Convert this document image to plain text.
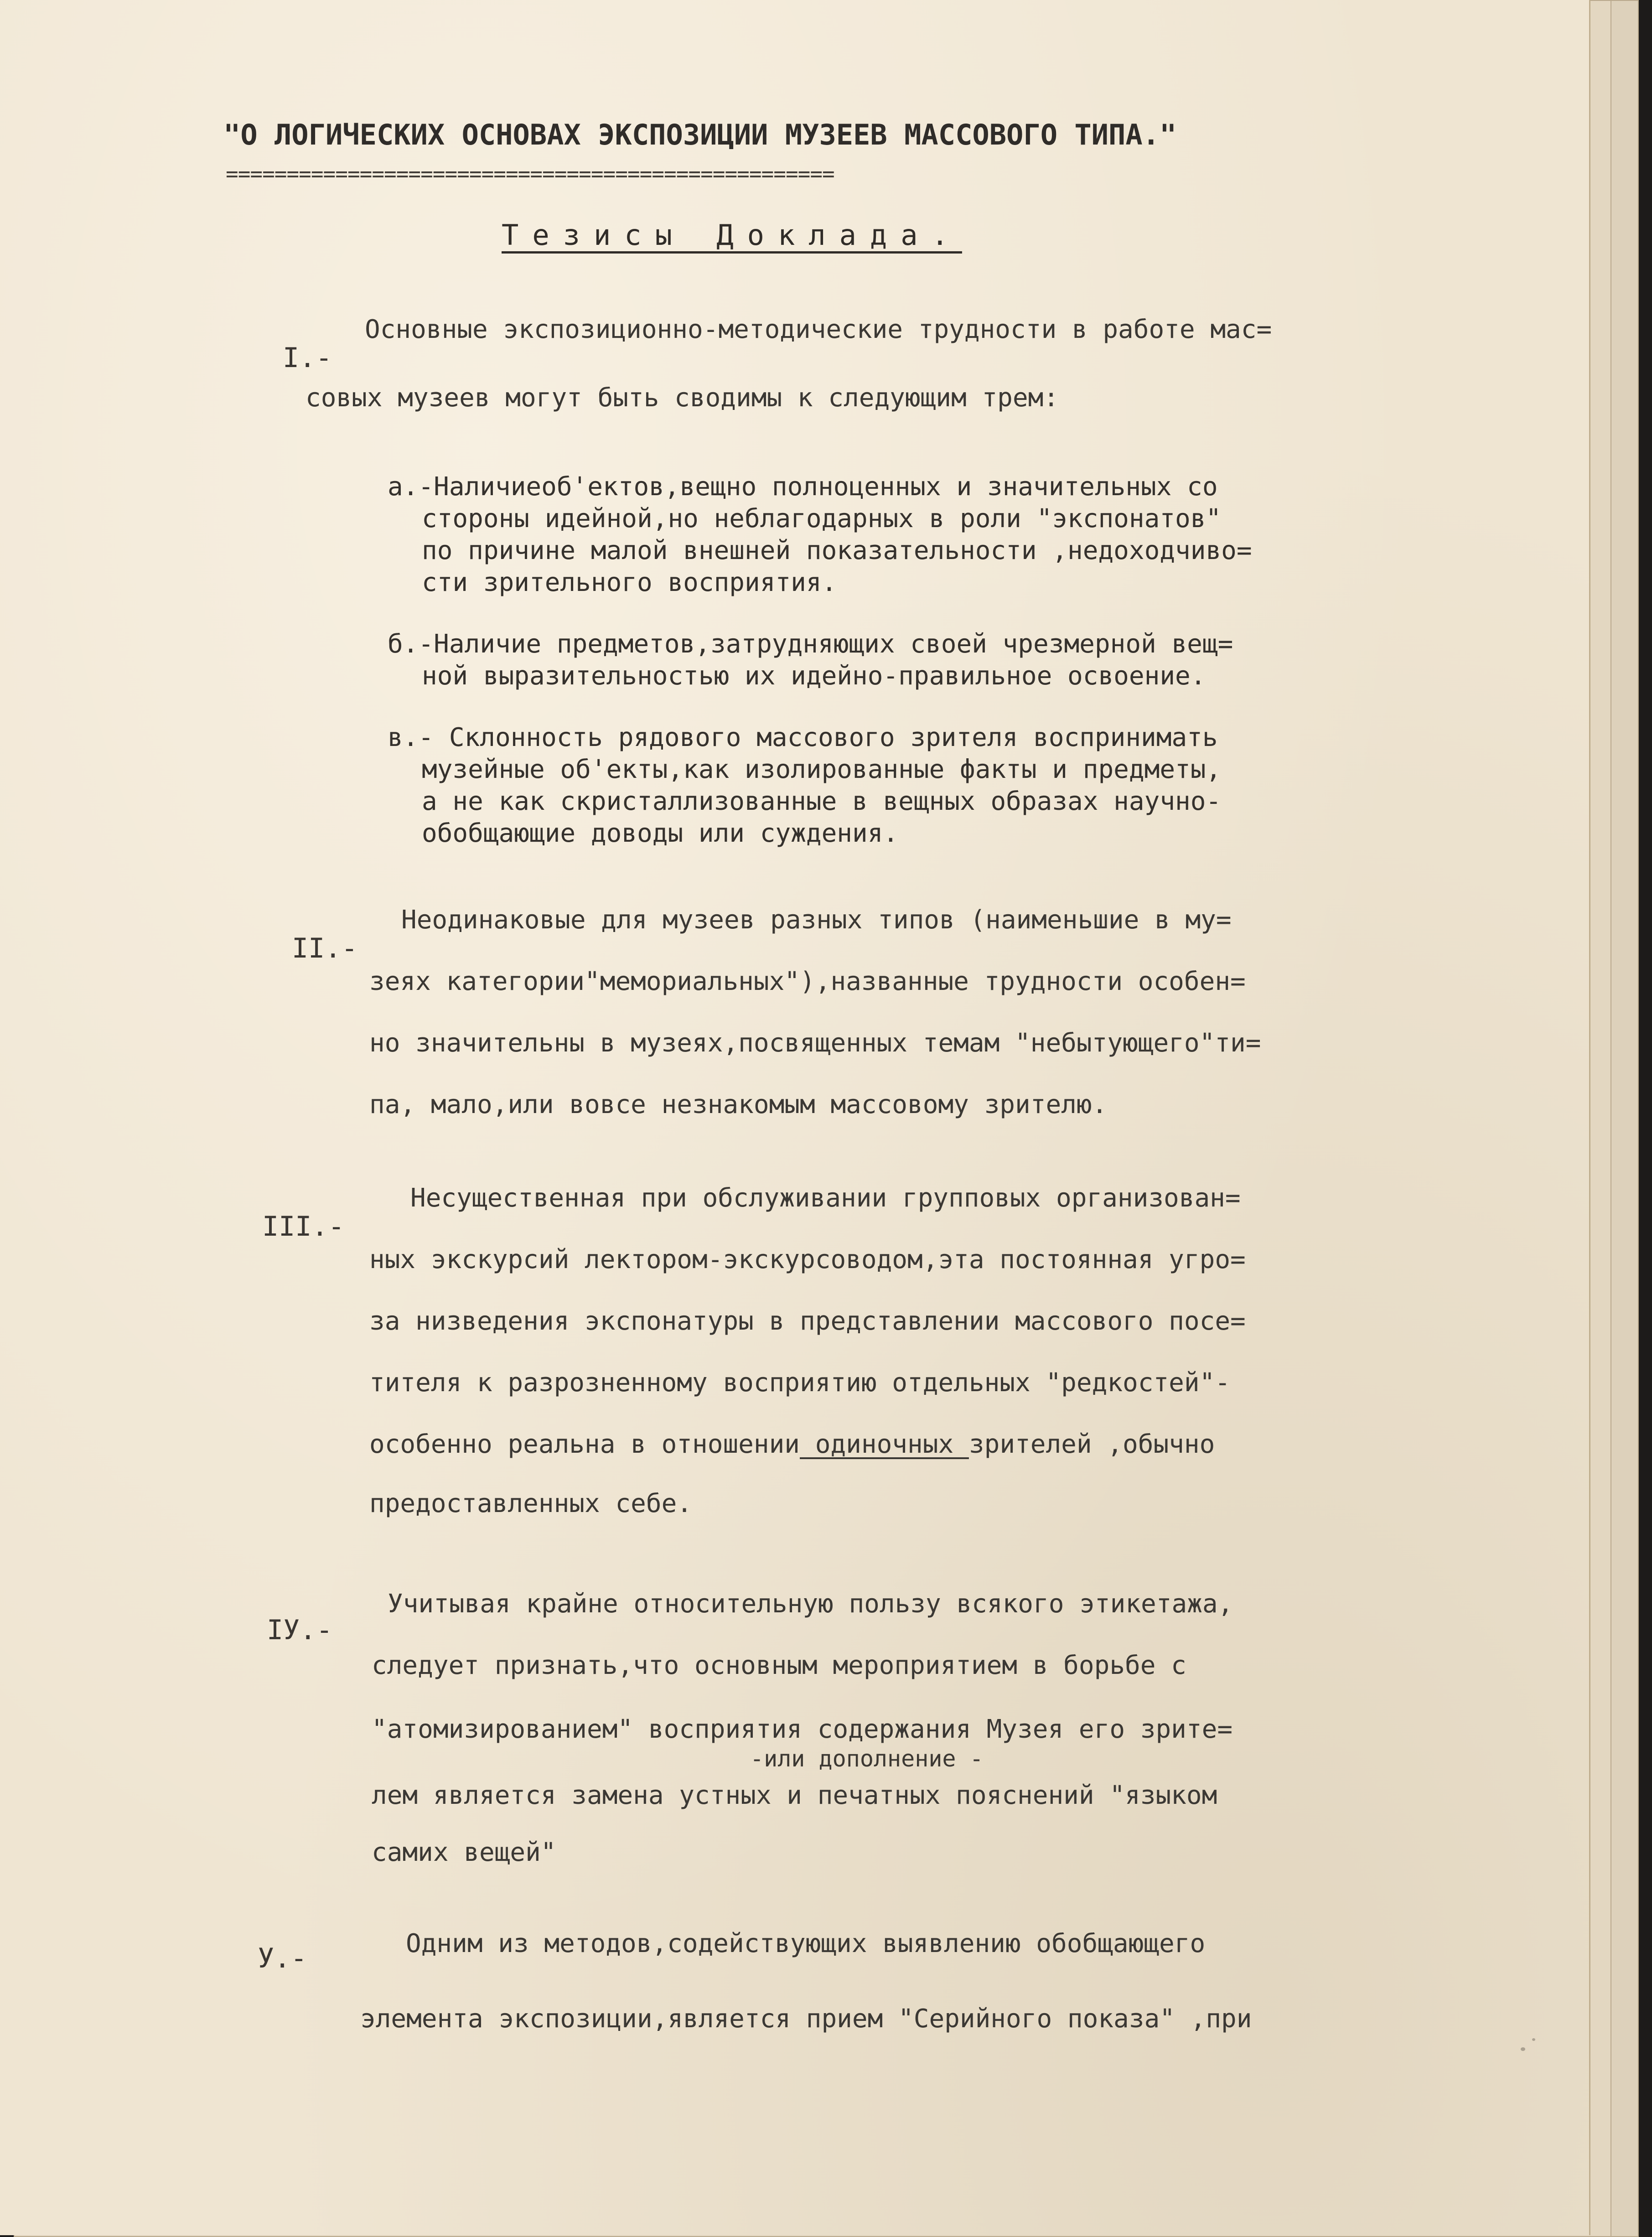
"О ЛОГИЧЕСКИХ ОСНОВАХ ЭКСПОЗИЦИИ МУЗЕЕВ МАССОВОГО ТИПА."

==================================================

Тезисы Доклада.

I.-

Основные экспозиционно-методические трудности в работе мас=

совых музеев могут быть сводимы к следующим трем:

а.-Наличиеоб'ектов,вещно полноценных и значительных со

стороны идейной,но неблагодарных в роли "экспонатов"

по причине малой внешней показательности ,недоходчиво=

сти зрительного восприятия.

б.-Наличие предметов,затрудняющих своей чрезмерной вещ=

ной выразительностью их идейно-правильное освоение.

в.- Склонность рядового массового зрителя воспринимать

музейные об'екты,как изолированные факты и предметы,

а не как скристаллизованные в вещных образах научно-

обобщающие доводы или суждения.

II.-

Неодинаковые для музеев разных типов (наименьшие в му=

зеях категории"мемориальных"),названные трудности особен=

но значительны в музеях,посвященных темам "небытующего"ти=

па, мало,или вовсе незнакомым массовому зрителю.

III.-

Несущественная при обслуживании групповых организован=

ных экскурсий лектором-экскурсоводом,эта постоянная угро=

за низведения экспонатуры в представлении массового посе=

тителя к разрозненному восприятию отдельных "редкостей"-

особенно реальна в отношении одиночных зрителей ,обычно

предоставленных себе.

IУ.-

Учитывая крайне относительную пользу всякого этикетажа,

следует признать,что основным мероприятием в борьбе с

"атомизированием" восприятия содержания Музея его зрите=

-или дополнение -

лем является замена устных и печатных пояснений "языком

самих вещей"

У.-	Одним из методов,содействующих выявлению обобщающего

элемента экспозиции,является прием "Серийного показа" ,при
